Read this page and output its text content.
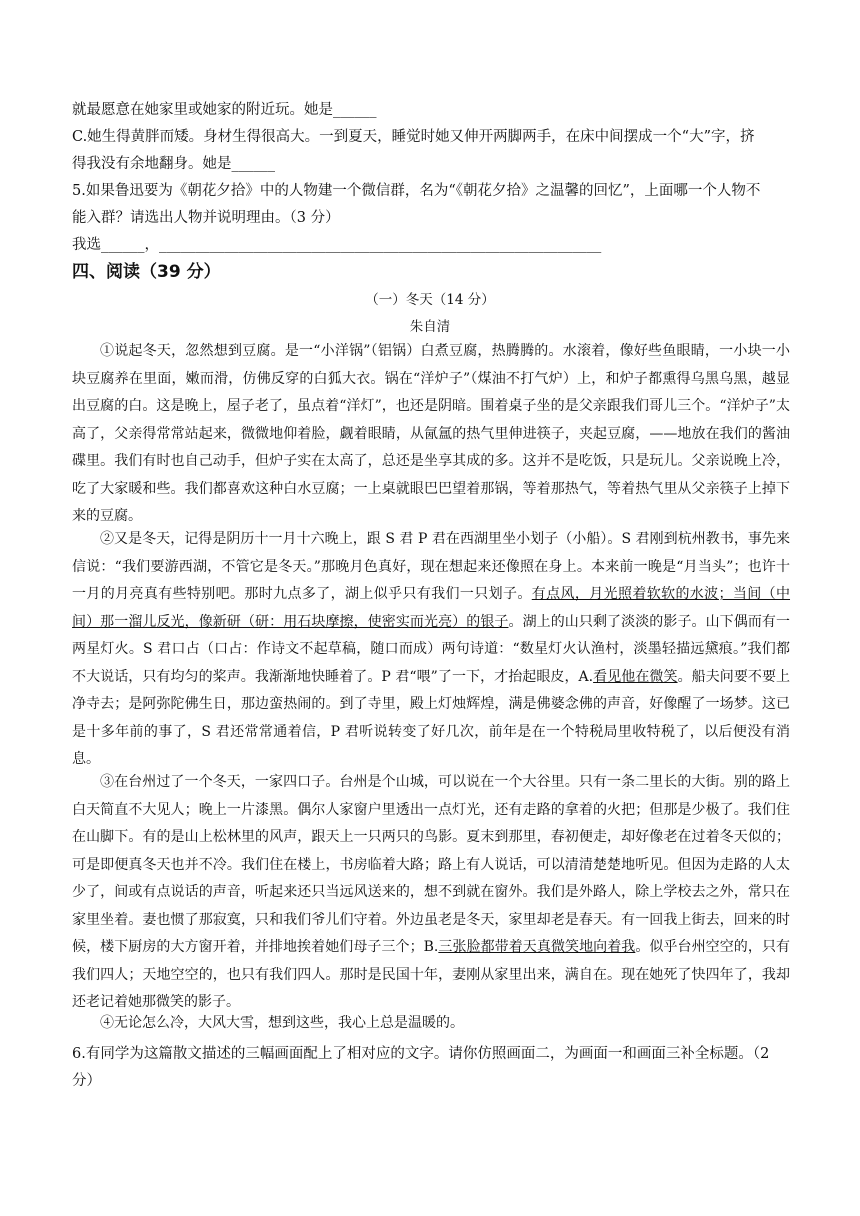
就最愿意在她家里或她家的附近玩。她是______
C.她生得黄胖而矮。身材生得很高大。一到夏天，睡觉时她又伸开两脚两手，在床中间摆成一个“大”字，挤
得我没有余地翻身。她是______
5.如果鲁迅要为《朝花夕拾》中的人物建一个微信群，名为“《朝花夕拾》之温馨的回忆”，上面哪一个人物不
能入群？请选出人物并说明理由。（3 分）
我选______，_____________________________________________________________
四、阅读（39 分）
（一）冬天（14 分）
朱自清
①说起冬天，忽然想到豆腐。是一“小洋锅”（铝锅）白煮豆腐，热腾腾的。水滚着，像好些鱼眼睛，一小块一小块豆腐养在里面，嫩而滑，仿佛反穿的白狐大衣。锅在“洋炉子”（煤油不打气炉）上，和炉子都熏得乌黑乌黑，越显出豆腐的白。这是晚上，屋子老了，虽点着“洋灯”，也还是阴暗。围着桌子坐的是父亲跟我们哥儿三个。“洋炉子”太高了，父亲得常常站起来，微微地仰着脸，觑着眼睛，从氤氲的热气里伸进筷子，夹起豆腐，——地放在我们的酱油碟里。我们有时也自己动手，但炉子实在太高了，总还是坐享其成的多。这并不是吃饭，只是玩儿。父亲说晚上冷，吃了大家暖和些。我们都喜欢这种白水豆腐；一上桌就眼巴巴望着那锅，等着那热气，等着热气里从父亲筷子上掉下来的豆腐。
②又是冬天，记得是阴历十一月十六晚上，跟 S 君 P 君在西湖里坐小划子（小船）。S 君刚到杭州教书，事先来信说：“我们要游西湖，不管它是冬天。”那晚月色真好，现在想起来还像照在身上。本来前一晚是“月当头”；也许十一月的月亮真有些特别吧。那时九点多了，湖上似乎只有我们一只划子。有点风，月光照着软软的水波；当间（中间）那一溜儿反光，像新研（研：用石块摩擦，使密实而光亮）的银子。湖上的山只剩了淡淡的影子。山下偶而有一两星灯火。S 君口占（口占：作诗文不起草稿，随口而成）两句诗道：“数星灯火认渔村，淡墨轻描远黛痕。”我们都不大说话，只有均匀的桨声。我渐渐地快睡着了。P 君“喂”了一下，才抬起眼皮，A.看见他在微笑。船夫问要不要上净寺去；是阿弥陀佛生日，那边蛮热闹的。到了寺里，殿上灯烛辉煌，满是佛婆念佛的声音，好像醒了一场梦。这已是十多年前的事了，S 君还常常通着信，P 君听说转变了好几次，前年是在一个特税局里收特税了，以后便没有消息。
③在台州过了一个冬天，一家四口子。台州是个山城，可以说在一个大谷里。只有一条二里长的大街。别的路上白天简直不大见人；晚上一片漆黑。偶尔人家窗户里透出一点灯光，还有走路的拿着的火把；但那是少极了。我们住在山脚下。有的是山上松林里的风声，跟天上一只两只的鸟影。夏末到那里，春初便走，却好像老在过着冬天似的；可是即便真冬天也并不冷。我们住在楼上，书房临着大路；路上有人说话，可以清清楚楚地听见。但因为走路的人太少了，间或有点说话的声音，听起来还只当远风送来的，想不到就在窗外。我们是外路人，除上学校去之外，常只在家里坐着。妻也惯了那寂寞，只和我们爷儿们守着。外边虽老是冬天，家里却老是春天。有一回我上街去，回来的时候，楼下厨房的大方窗开着，并排地挨着她们母子三个；B.三张脸都带着天真微笑地向着我。似乎台州空空的，只有我们四人；天地空空的，也只有我们四人。那时是民国十年，妻刚从家里出来，满自在。现在她死了快四年了，我却还老记着她那微笑的影子。
④无论怎么冷，大风大雪，想到这些，我心上总是温暖的。
6.有同学为这篇散文描述的三幅画面配上了相对应的文字。请你仿照画面二，为画面一和画面三补全标题。（2
分）
